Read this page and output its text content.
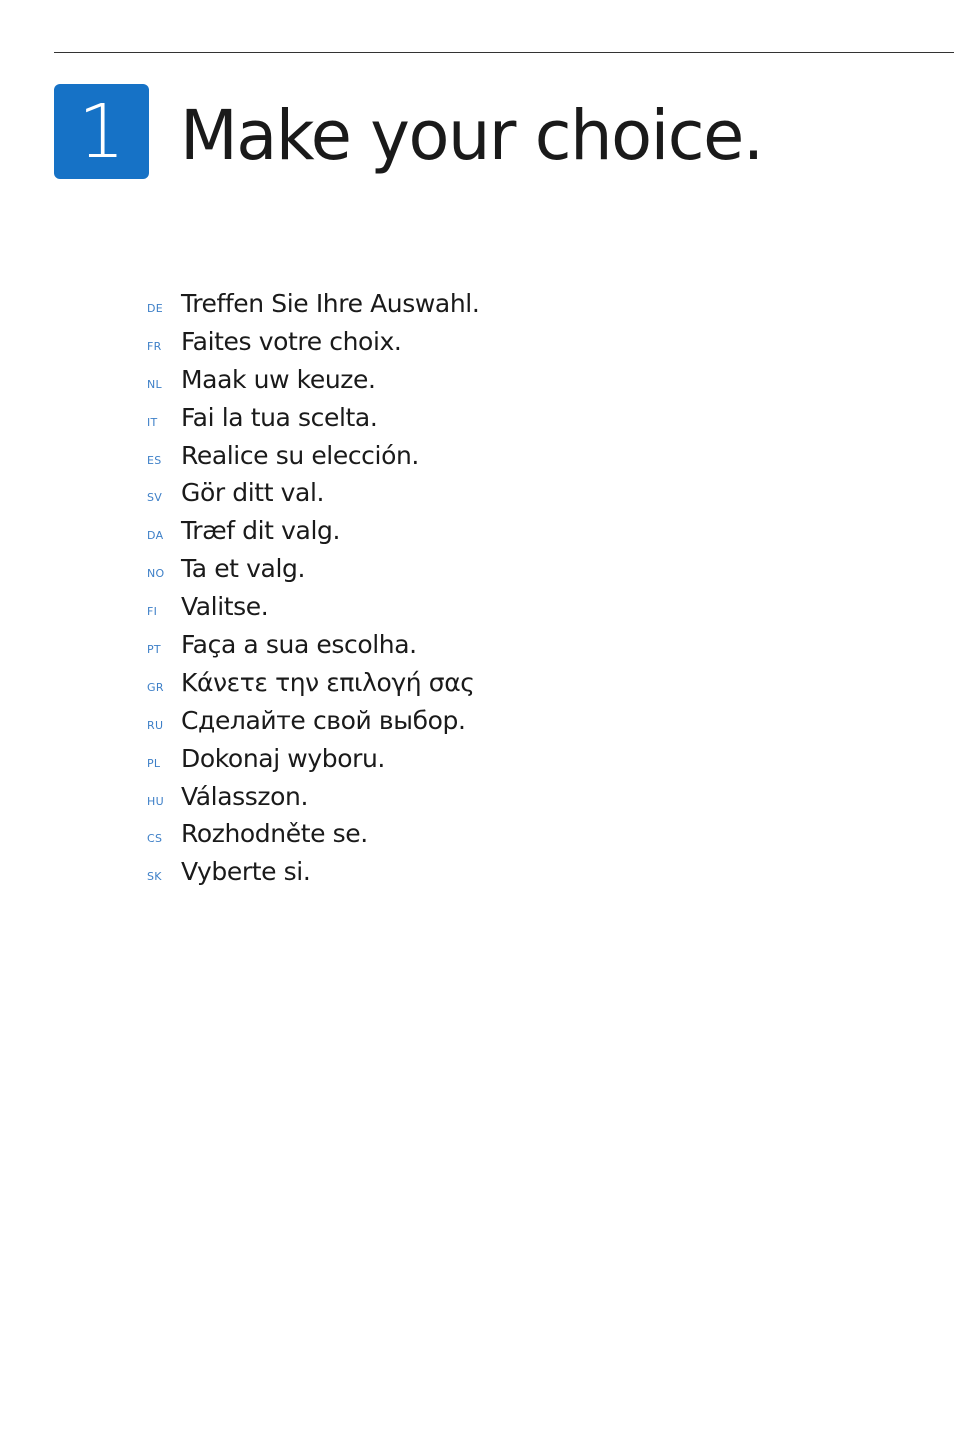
1 Make your choice.
DE Treffen Sie Ihre Auswahl.
FR Faites votre choix.
NL Maak uw keuze.
IT Fai la tua scelta.
ES Realice su elección.
SV Gör ditt val.
DA Træf dit valg.
NO Ta et valg.
FI Valitse.
PT Faça a sua escolha.
GR Κάνετε την επιλογή σας
RU Сделайте свой выбор.
PL Dokonaj wyboru.
HU Válasszon.
CS Rozhodněte se.
SK Vyberte si.
